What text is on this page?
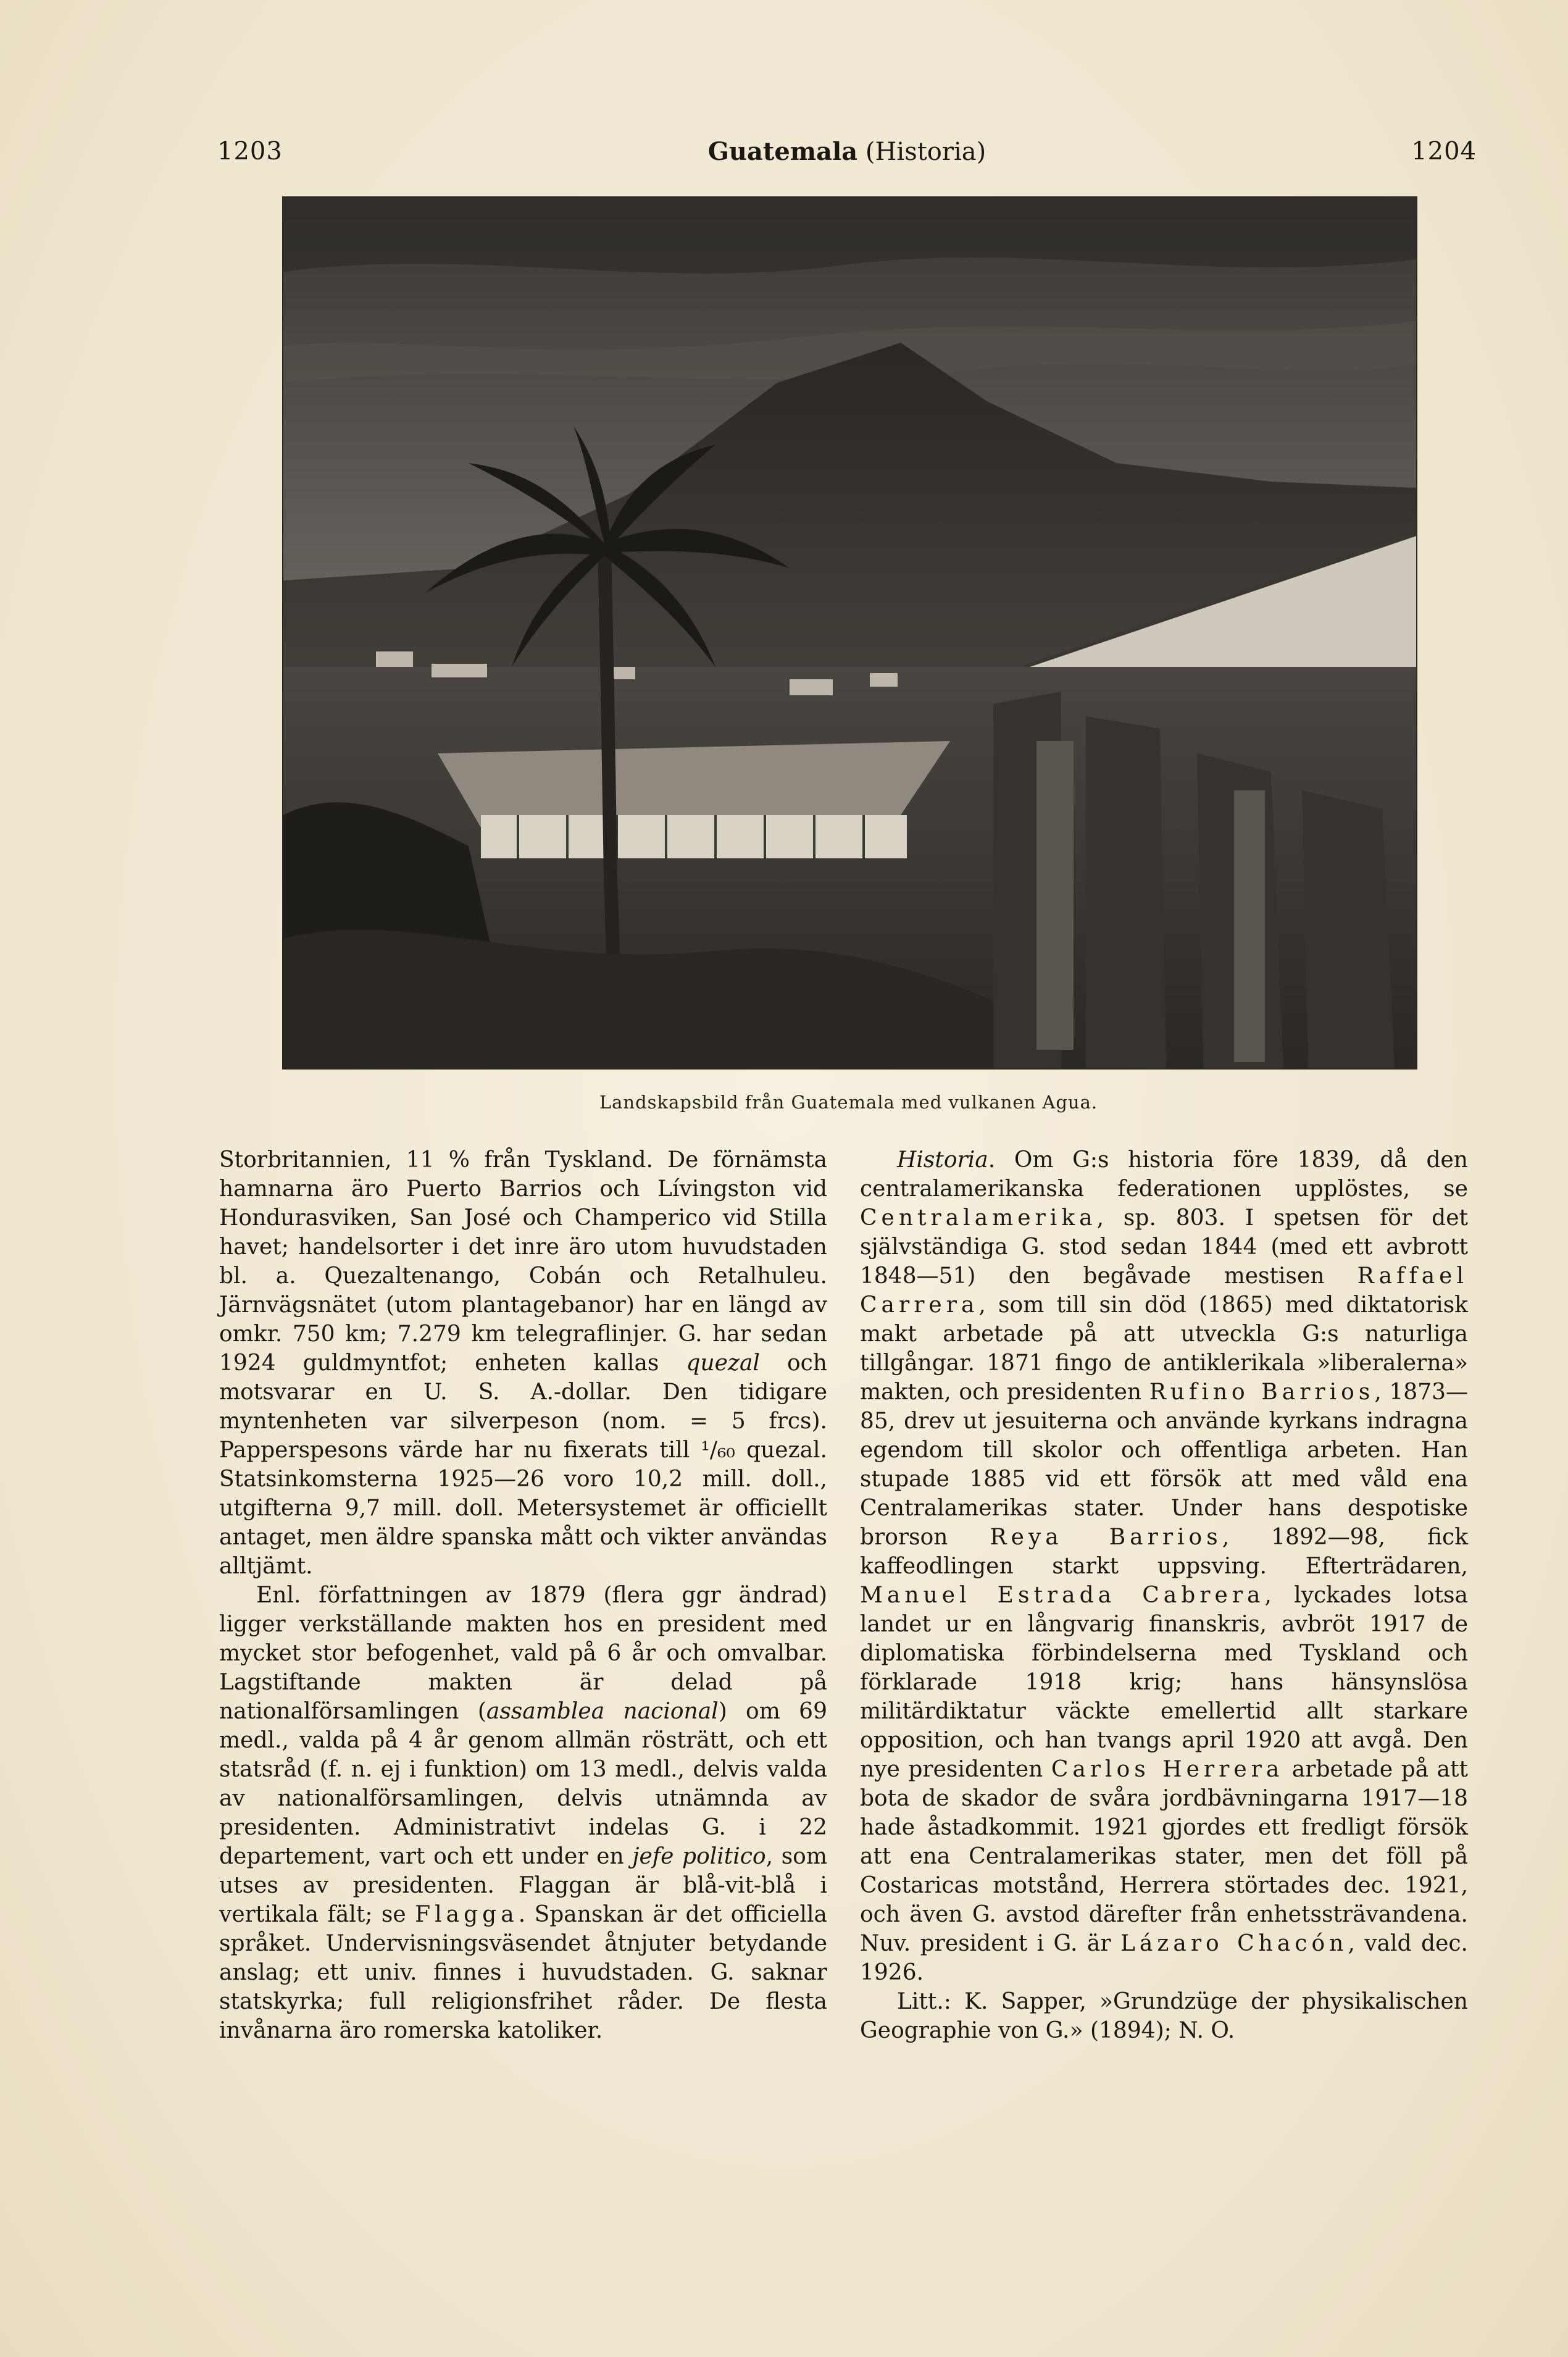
1203	Guatemala (Historia)	1204
Landskapsbild från Guatemala med vulkanen Agua.

Storbritannien, 11 % från Tyskland. De förnämsta hamnarna äro Puerto Barrios och Lívingston vid Hondurasviken, San José och Champerico vid Stilla havet; handelsorter i det inre äro utom huvudstaden bl. a. Quezaltenango, Cobán och Retalhuleu. Järnvägsnätet (utom plantagebanor) har en längd av omkr. 750 km; 7.279 km telegraflinjer. G. har sedan 1924 guldmyntfot; enheten kallas quezal och motsvarar en U. S. A.-dollar. Den tidigare myntenheten var silverpeson (nom. = 5 frcs). Papperspesons värde har nu fixerats till ¹/₆₀ quezal. Statsinkomsterna 1925—26 voro 10,2 mill. doll., utgifterna 9,7 mill. doll. Metersystemet är officiellt antaget, men äldre spanska mått och vikter användas alltjämt.

Enl. författningen av 1879 (flera ggr ändrad) ligger verkställande makten hos en president med mycket stor befogenhet, vald på 6 år och omvalbar. Lagstiftande makten är delad på nationalförsamlingen (assamblea nacional) om 69 medl., valda på 4 år genom allmän rösträtt, och ett statsråd (f. n. ej i funktion) om 13 medl., delvis valda av nationalförsamlingen, delvis utnämnda av presidenten. Administrativt indelas G. i 22 departement, vart och ett under en jefe politico, som utses av presidenten. Flaggan är blå-vit-blå i vertikala fält; se Flagga. Spanskan är det officiella språket. Undervisningsväsendet åtnjuter betydande anslag; ett univ. finnes i huvudstaden. G. saknar statskyrka; full religionsfrihet råder. De flesta invånarna äro romerska katoliker.

Historia. Om G:s historia före 1839, då den centralamerikanska federationen upplöstes, se Centralamerika, sp. 803. I spetsen för det självständiga G. stod sedan 1844 (med ett avbrott 1848—51) den begåvade mestisen Raffael Carrera, som till sin död (1865) med diktatorisk makt arbetade på att utveckla G:s naturliga tillgångar. 1871 fingo de antiklerikala »liberalerna» makten, och presidenten Rufino Barrios, 1873—85, drev ut jesuiterna och använde kyrkans indragna egendom till skolor och offentliga arbeten. Han stupade 1885 vid ett försök att med våld ena Centralamerikas stater. Under hans despotiske brorson Reya Barrios, 1892—98, fick kaffeodlingen starkt uppsving. Efterträdaren, Manuel Estrada Cabrera, lyckades lotsa landet ur en långvarig finanskris, avbröt 1917 de diplomatiska förbindelserna med Tyskland och förklarade 1918 krig; hans hänsynslösa militärdiktatur väckte emellertid allt starkare opposition, och han tvangs april 1920 att avgå. Den nye presidenten Carlos Herrera arbetade på att bota de skador de svåra jordbävningarna 1917—18 hade åstadkommit. 1921 gjordes ett fredligt försök att ena Centralamerikas stater, men det föll på Costaricas motstånd, Herrera störtades dec. 1921, och även G. avstod därefter från enhetssträvandena. Nuv. president i G. är Lázaro Chacón, vald dec. 1926.

Litt.: K. Sapper, »Grundzüge der physikalischen Geographie von G.» (1894); N. O.
